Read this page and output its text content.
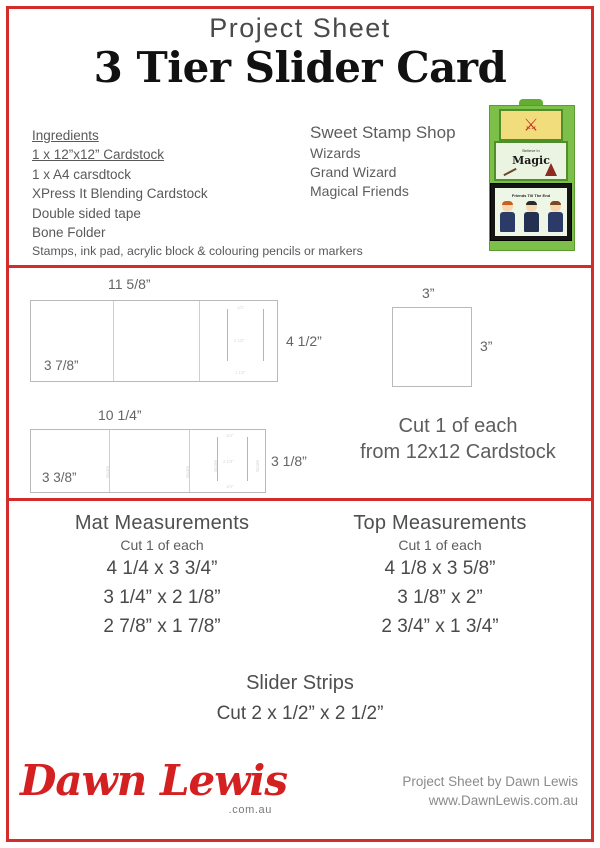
Project Sheet
3 Tier Slider Card
Ingredients
1 x 12”x12” Cardstock
1 x A4 carsdtock
XPress It Blending Cardstock
Double sided tape
Bone Folder
Stamps, ink pad, acrylic block & colouring pencils or markers
Sweet Stamp Shop
Wizards
Grand Wizard
Magical Friends
⚔
Believe in
Magic
Friends Till The End
11 5/8”
1/2”
2 1/2”
1 1/2”
3 7/8”
4 1/2”
3”
3”
10 1/4”
Score	Score	Score	Score
1/4”
2 1/4”
1/4”
3 3/8”
3 1/8”
Cut 1 of each
from 12x12 Cardstock
Mat Measurements
Cut 1 of each
4 1/4 x 3 3/4”
3 1/4” x 2 1/8”
2 7/8” x 1 7/8”
Top Measurements
Cut 1 of each
4 1/8 x 3 5/8”
3 1/8” x 2”
2 3/4” x 1 3/4”
Slider Strips
Cut 2 x 1/2” x 2 1/2”
Dawn Lewis
.com.au
Project Sheet by Dawn Lewis
www.DawnLewis.com.au
